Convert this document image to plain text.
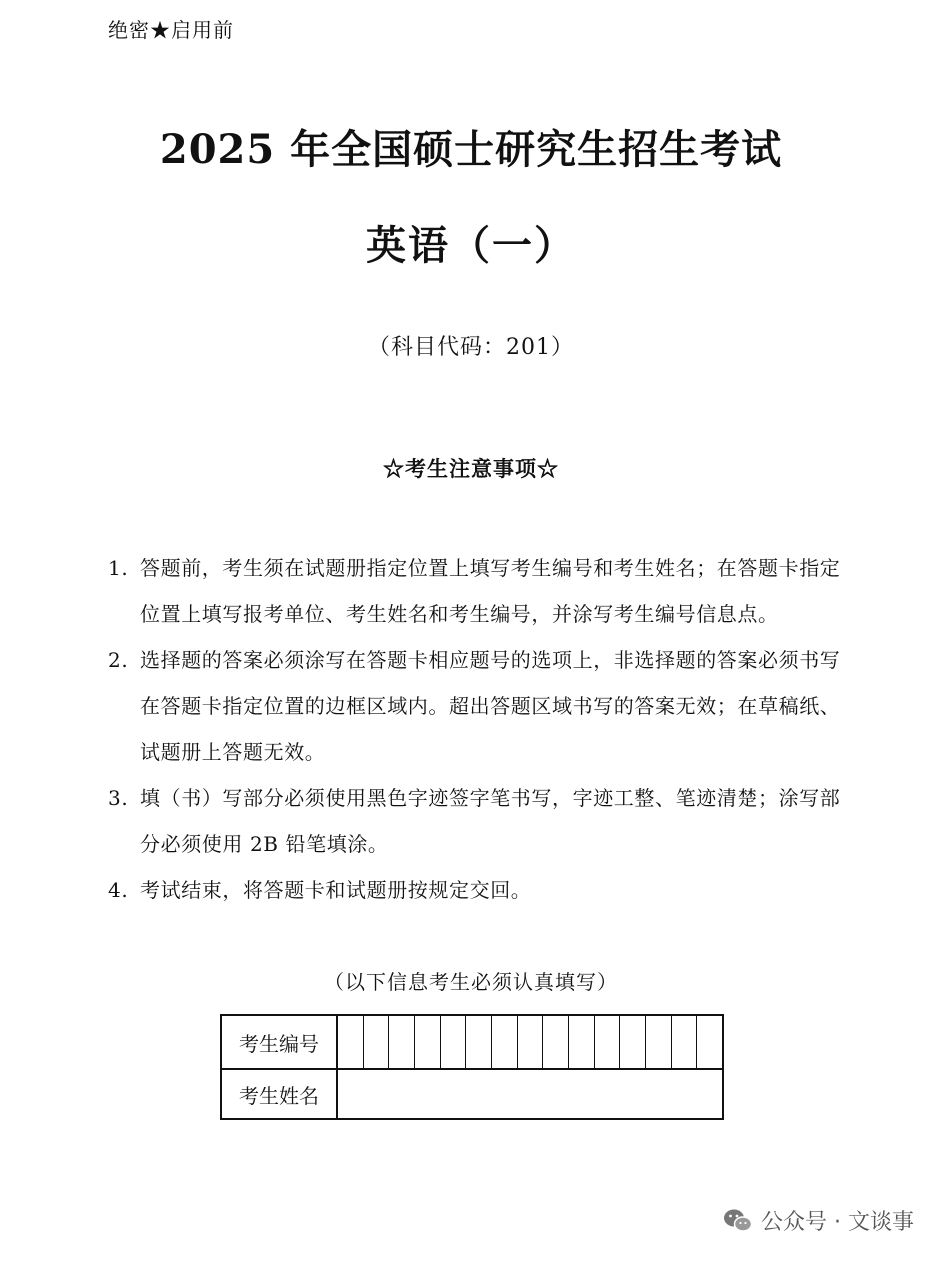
绝密★启用前
2025 年全国硕士研究生招生考试
英语（一）
（科目代码：201）
☆考生注意事项☆
1. 答题前，考生须在试题册指定位置上填写考生编号和考生姓名；在答题卡指定位置上填写报考单位、考生姓名和考生编号，并涂写考生编号信息点。
2. 选择题的答案必须涂写在答题卡相应题号的选项上，非选择题的答案必须书写在答题卡指定位置的边框区域内。超出答题区域书写的答案无效；在草稿纸、试题册上答题无效。
3. 填（书）写部分必须使用黑色字迹签字笔书写，字迹工整、笔迹清楚；涂写部分必须使用 2B 铅笔填涂。
4. 考试结束，将答题卡和试题册按规定交回。
（以下信息考生必须认真填写）
考生编号
考生姓名
公众号 · 文谈事
